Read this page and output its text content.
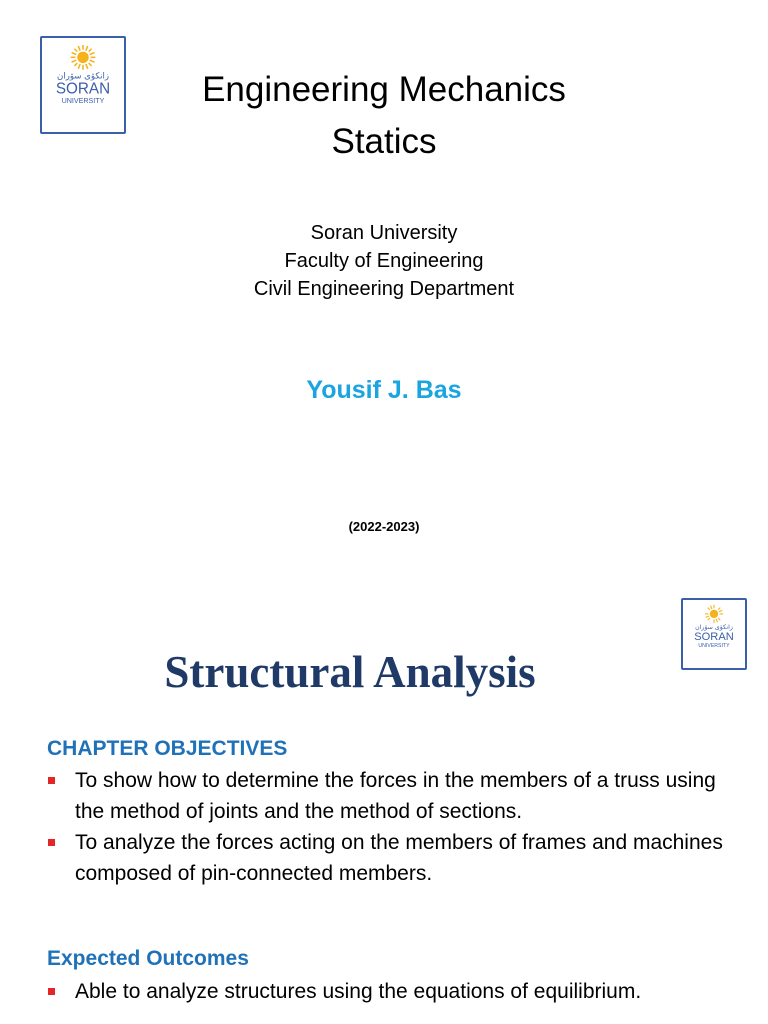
زانكۆی سۆران
SORAN
UNIVERSITY	Engineering Mechanics
Statics
Soran University
Faculty of Engineering
Civil Engineering Department
Yousif J. Bas
(2022-2023)
زانكۆی سۆران
SORAN
UNIVERSITY
Structural Analysis
CHAPTER OBJECTIVES
To show how to determine the forces in the members of a truss using the method of joints and the method of sections.
To analyze the forces acting on the members of frames and machines composed of pin-connected members.
Expected Outcomes
Able to analyze structures using the equations of equilibrium.
